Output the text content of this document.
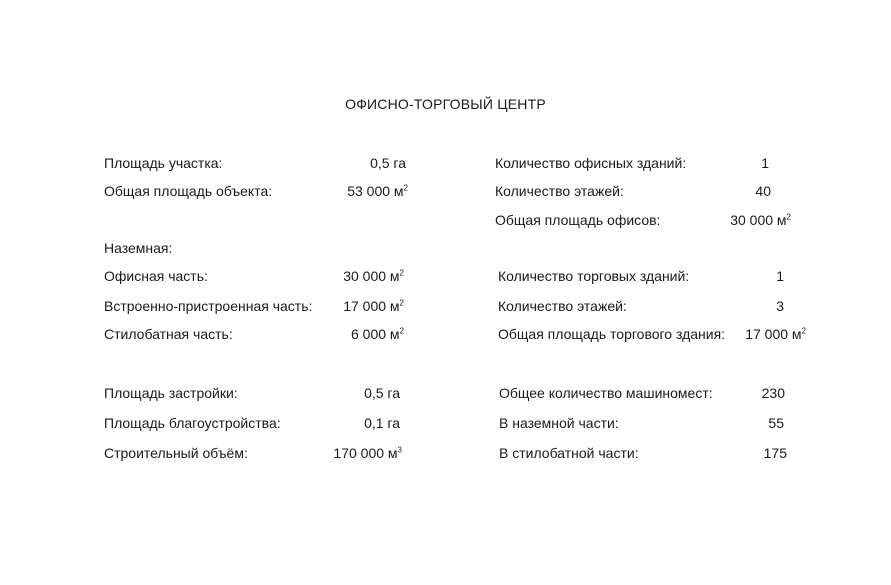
ОФИСНО-ТОРГОВЫЙ ЦЕНТР
Площадь участка:	0,5 га
Общая площадь объекта:	53 000 $м^2$
Наземная:
Офисная часть:	30 000 $м^2$
Встроенно-пристроенная часть: 17 000 $м^2$
Стилобатная часть:	6 000 $м^2$
Площадь застройки:	0,5 га
Площадь благоустройства:	0,1 га
Строительный объём:	170 000 $м^3$
Количество офисных зданий:	1
Количество этажей:	40
Общая площадь офисов:	30 000 $м^2$
Количество торговых зданий:	1
Количество этажей:	3
Общая площадь торгового здания: 17 000 $м^2$
Общее количество машиномест:	230
В наземной части:	55
В стилобатной части:	175
